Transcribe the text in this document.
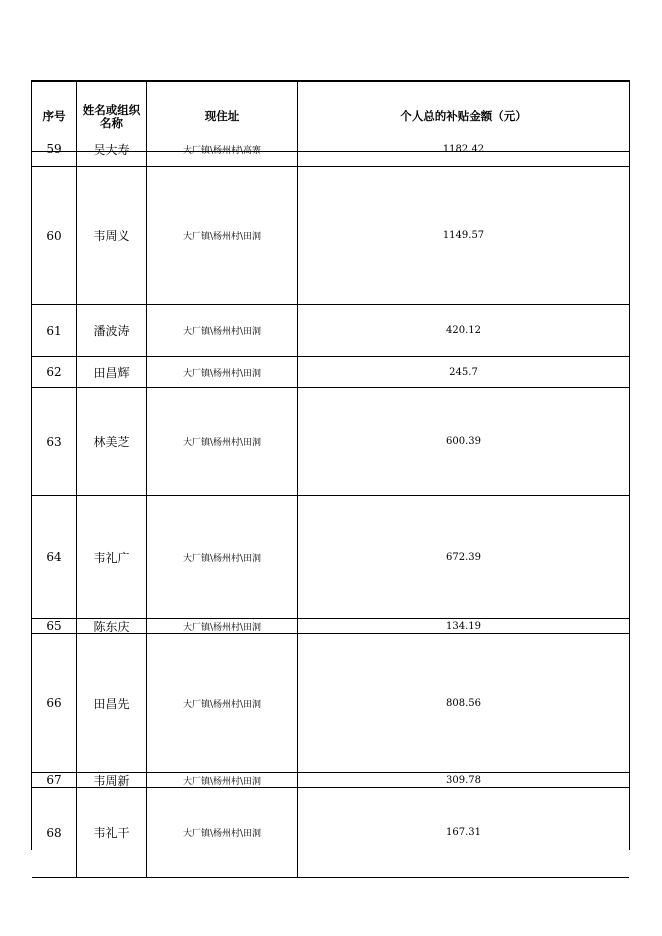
序号	姓名或组织名称	现住址	个人总的补贴金额（元）
59	吴大寿	大厂镇\杨州村\高寨	1182.42
60	韦周义	大厂镇\杨州村\田洞	1149.57
61	潘波涛	大厂镇\杨州村\田洞	420.12
62	田昌辉	大厂镇\杨州村\田洞	245.7
63	林美芝	大厂镇\杨州村\田洞	600.39
64	韦礼广	大厂镇\杨州村\田洞	672.39
65	陈东庆	大厂镇\杨州村\田洞	134.19
66	田昌先	大厂镇\杨州村\田洞	808.56
67	韦周新	大厂镇\杨州村\田洞	309.78
68	韦礼干	大厂镇\杨州村\田洞	167.31
